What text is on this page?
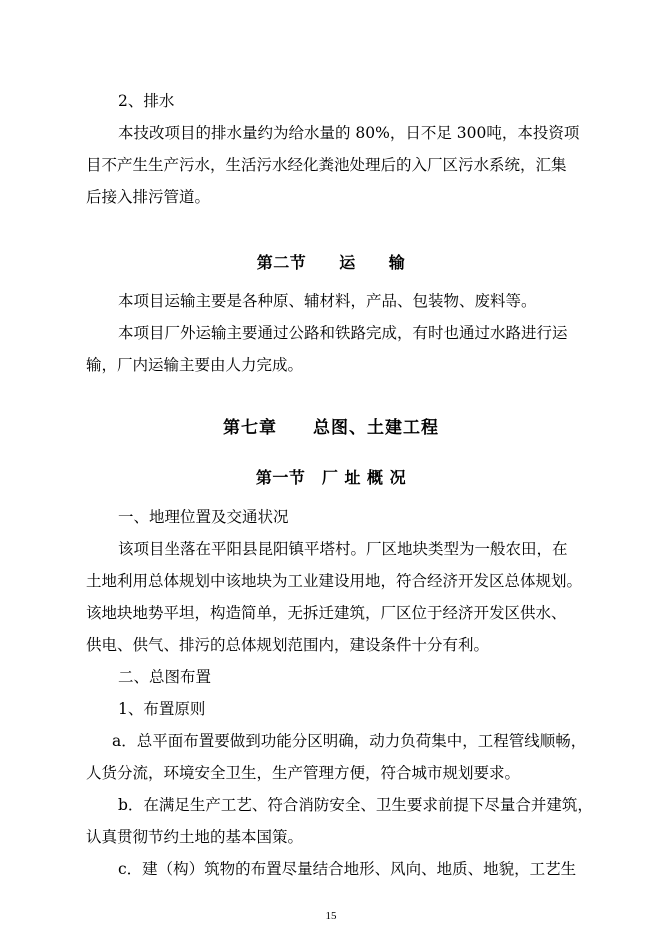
2、排水
本技改项目的排水量约为给水量的 80%，日不足 300吨，本投资项
目不产生生产污水，生活污水经化粪池处理后的入厂区污水系统，汇集
后接入排污管道。
第二节　　运　　输
本项目运输主要是各种原、辅材料，产品、包装物、废料等。
本项目厂外运输主要通过公路和铁路完成，有时也通过水路进行运
输，厂内运输主要由人力完成。
第七章　　总图、土建工程
第一节　厂 址 概 况
一、地理位置及交通状况
该项目坐落在平阳县昆阳镇平塔村。厂区地块类型为一般农田，在
土地利用总体规划中该地块为工业建设用地，符合经济开发区总体规划。
该地块地势平坦，构造简单，无拆迁建筑，厂区位于经济开发区供水、
供电、供气、排污的总体规划范围内，建设条件十分有利。
二、总图布置
1、布置原则
a．总平面布置要做到功能分区明确，动力负荷集中，工程管线顺畅，
人货分流，环境安全卫生，生产管理方便，符合城市规划要求。
b．在满足生产工艺、符合消防安全、卫生要求前提下尽量合并建筑，
认真贯彻节约土地的基本国策。
c．建（构）筑物的布置尽量结合地形、风向、地质、地貌，工艺生
15
